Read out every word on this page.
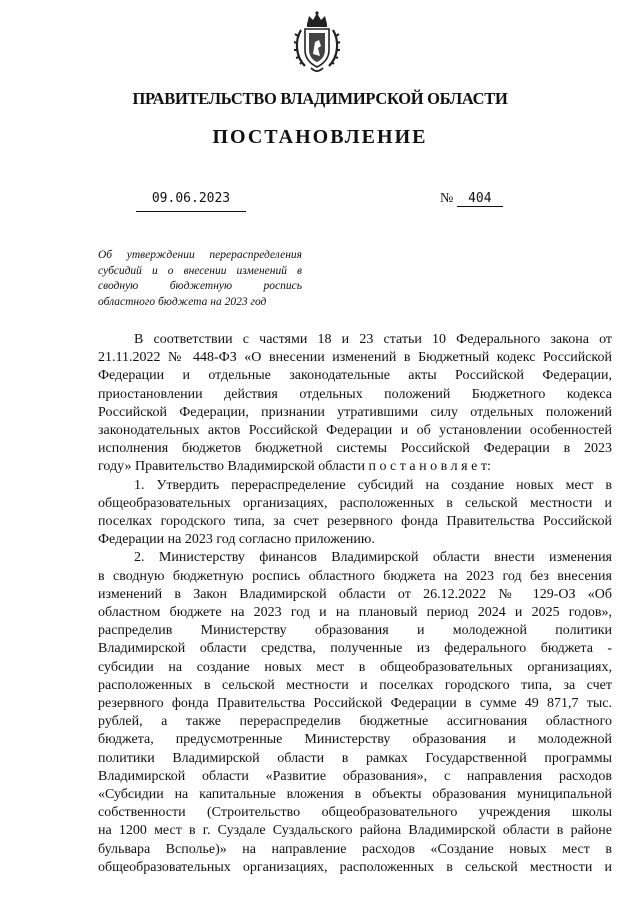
ПРАВИТЕЛЬСТВО ВЛАДИМИРСКОЙ ОБЛАСТИ
ПОСТАНОВЛЕНИЕ
09.06.2023	№ 404
Об утверждении перераспределения
субсидий и о внесении изменений в
сводную бюджетную роспись
областного бюджета на 2023 год
В соответствии с частями 18 и 23 статьи 10 Федерального закона от
21.11.2022 № 448-ФЗ «О внесении изменений в Бюджетный кодекс Российской
Федерации и отдельные законодательные акты Российской Федерации,
приостановлении действия отдельных положений Бюджетного кодекса
Российской Федерации, признании утратившими силу отдельных положений
законодательных актов Российской Федерации и об установлении особенностей
исполнения бюджетов бюджетной системы Российской Федерации в 2023
году» Правительство Владимирской области п о с т а н о в л я е т:
1. Утвердить перераспределение субсидий на создание новых мест в
общеобразовательных организациях, расположенных в сельской местности и
поселках городского типа, за счет резервного фонда Правительства Российской
Федерации на 2023 год согласно приложению.
2. Министерству финансов Владимирской области внести изменения
в сводную бюджетную роспись областного бюджета на 2023 год без внесения
изменений в Закон Владимирской области от 26.12.2022 № 129-ОЗ «Об
областном бюджете на 2023 год и на плановый период 2024 и 2025 годов»,
распределив Министерству образования и молодежной политики
Владимирской области средства, полученные из федерального бюджета -
субсидии на создание новых мест в общеобразовательных организациях,
расположенных в сельской местности и поселках городского типа, за счет
резервного фонда Правительства Российской Федерации в сумме 49 871,7 тыс.
рублей, а также перераспределив бюджетные ассигнования областного
бюджета, предусмотренные Министерству образования и молодежной
политики Владимирской области в рамках Государственной программы
Владимирской области «Развитие образования», с направления расходов
«Субсидии на капитальные вложения в объекты образования муниципальной
собственности (Строительство общеобразовательного учреждения школы
на 1200 мест в г. Суздале Суздальского района Владимирской области в районе
бульвара Всполье)» на направление расходов «Создание новых мест в
общеобразовательных организациях, расположенных в сельской местности и
